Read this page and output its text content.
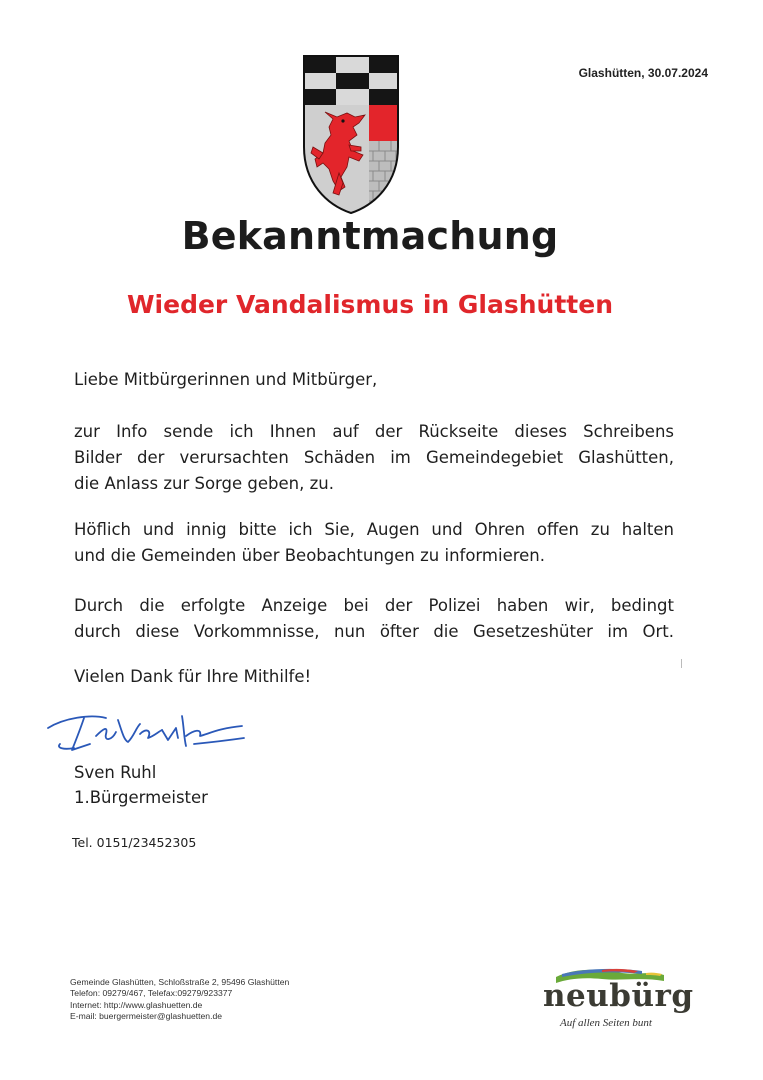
Glashütten, 30.07.2024
Bekanntmachung
Wieder Vandalismus in Glashütten
Liebe Mitbürgerinnen und Mitbürger,
zur Info sende ich Ihnen auf der Rückseite dieses Schreibens
Bilder der verursachten Schäden im Gemeindegebiet Glashütten,
die Anlass zur Sorge geben, zu.
Höflich und innig bitte ich Sie, Augen und Ohren offen zu halten
und die Gemeinden über Beobachtungen zu informieren.
Durch die erfolgte Anzeige bei der Polizei haben wir, bedingt
durch diese Vorkommnisse, nun öfter die Gesetzeshüter im Ort.
Vielen Dank für Ihre Mithilfe!
Sven Ruhl
1.Bürgermeister
Tel. 0151/23452305
Gemeinde Glashütten, Schloßstraße 2, 95496 Glashütten
Telefon: 09279/467, Telefax:09279/923377
Internet: http://www.glashuetten.de
E-mail: buergermeister@glashuetten.de
neubürg
Auf allen Seiten bunt
